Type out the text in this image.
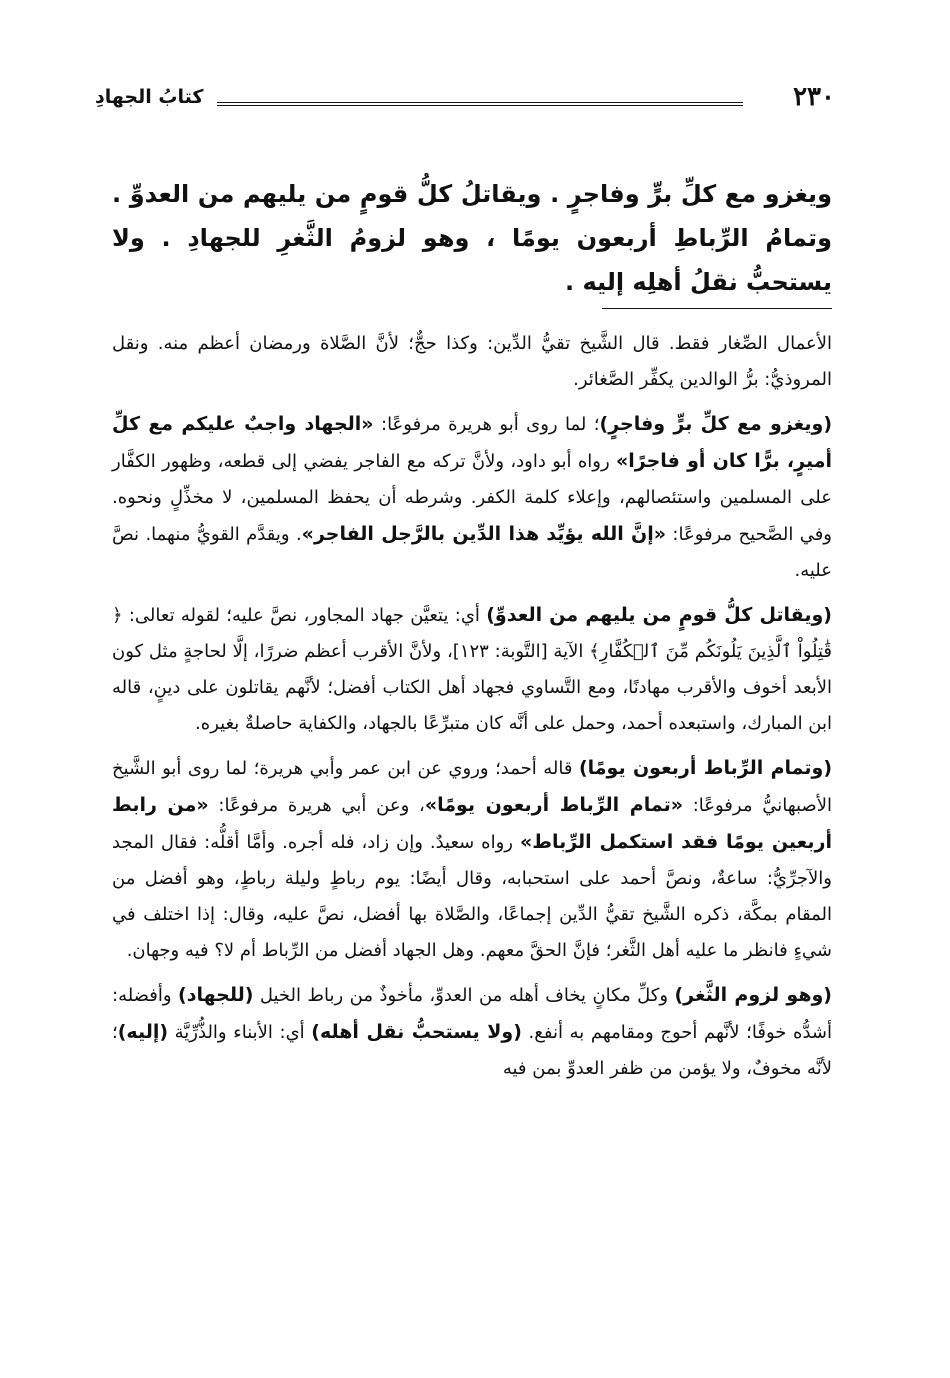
٢٣٠
كتابُ الجهادِ

ويغزو مع كلِّ برٍّ وفاجرٍ . ويقاتلُ كلُّ قومٍ من يليهم من العدوِّ . وتمامُ الرِّباطِ أربعون يومًا ، وهو لزومُ الثَّغرِ للجهادِ . ولا يستحبُّ نقلُ أهلِه إليه .

الأعمال الصِّغار فقط. قال الشَّيخ تقيُّ الدِّين: وكذا حجٌّ؛ لأنَّ الصَّلاة ورمضان أعظم منه. ونقل المروذيُّ: برُّ الوالدين يكفِّر الصَّغائر.

(ويغزو مع كلِّ برٍّ وفاجرٍ)؛ لما روى أبو هريرة مرفوعًا: «الجهاد واجبٌ عليكم مع كلِّ أميرٍ، برًّا كان أو فاجرًا» رواه أبو داود، ولأنَّ تركه مع الفاجر يفضي إلى قطعه، وظهور الكفَّار على المسلمين واستئصالهم، وإعلاء كلمة الكفر. وشرطه أن يحفظ المسلمين، لا مخذِّلٍ ونحوه. وفي الصَّحيح مرفوعًا: «إنَّ الله يؤيِّد هذا الدِّين بالرَّجل الفاجر». ويقدَّم القويُّ منهما. نصَّ عليه.

(ويقاتل كلُّ قومٍ من يليهم من العدوِّ) أي: يتعيَّن جهاد المجاور، نصَّ عليه؛ لقوله تعالى: ﴿ قَٰتِلُواْ ٱلَّذِينَ يَلُونَكُم مِّنَ ٱلۡكُفَّارِ﴾ الآية [التَّوبة: ١٢٣]، ولأنَّ الأقرب أعظم ضررًا، إلَّا لحاجةٍ مثل كون الأبعد أخوف والأقرب مهادنًا، ومع التَّساوي فجهاد أهل الكتاب أفضل؛ لأنَّهم يقاتلون على دينٍ، قاله ابن المبارك، واستبعده أحمد، وحمل على أنَّه كان متبرِّعًا بالجهاد، والكفاية حاصلةٌ بغيره.

(وتمام الرِّباط أربعون يومًا) قاله أحمد؛ وروي عن ابن عمر وأبي هريرة؛ لما روى أبو الشَّيخ الأصبهانيُّ مرفوعًا: «تمام الرِّباط أربعون يومًا»، وعن أبي هريرة مرفوعًا: «من رابط أربعين يومًا فقد استكمل الرِّباط» رواه سعيدٌ. وإن زاد، فله أجره. وأمَّا أقلُّه: فقال المجد والآجرِّيُّ: ساعةٌ، ونصَّ أحمد على استحبابه، وقال أيضًا: يوم رباطٍ وليلة رباطٍ، وهو أفضل من المقام بمكَّة، ذكره الشَّيخ تقيُّ الدِّين إجماعًا، والصَّلاة بها أفضل، نصَّ عليه، وقال: إذا اختلف في شيءٍ فانظر ما عليه أهل الثَّغر؛ فإنَّ الحقَّ معهم. وهل الجهاد أفضل من الرِّباط أم لا؟ فيه وجهان.

(وهو لزوم الثَّغر) وكلِّ مكانٍ يخاف أهله من العدوِّ، مأخوذٌ من رباط الخيل (للجهاد) وأفضله: أشدُّه خوفًا؛ لأنَّهم أحوج ومقامهم به أنفع. (ولا يستحبُّ نقل أهله) أي: الأبناء والذُّرِّيَّة (إليه)؛ لأنَّه مخوفٌ، ولا يؤمن من ظفر العدوِّ بمن فيه
